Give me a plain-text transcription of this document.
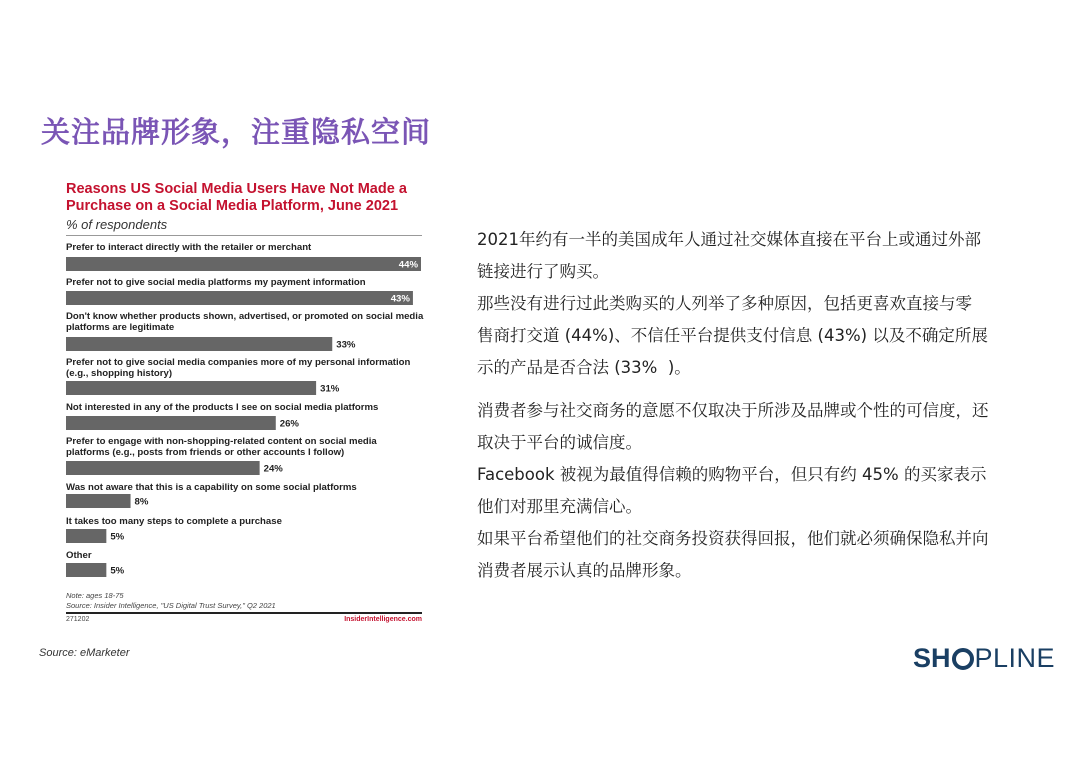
关注品牌形象，注重隐私空间
Reasons US Social Media Users Have Not Made a Purchase on a Social Media Platform, June 2021
% of respondents
Prefer to interact directly with the retailer or merchant
44%
Prefer not to give social media platforms my payment information
43%
Don't know whether products shown, advertised, or promoted on social media platforms are legitimate
33%
Prefer not to give social media companies more of my personal information (e.g., shopping history)
31%
Not interested in any of the products I see on social media platforms
26%
Prefer to engage with non-shopping-related content on social media platforms (e.g., posts from friends or other accounts I follow)
24%
Was not aware that this is a capability on some social platforms
8%
It takes too many steps to complete a purchase
5%
Other
5%
Note: ages 18-75
Source: Insider Intelligence, "US Digital Trust Survey," Q2 2021
271202	InsiderIntelligence.com
Source: eMarketer

2021年约有一半的美国成年人通过社交媒体直接在平台上或通过外部

链接进行了购买。

那些没有进行过此类购买的人列举了多种原因，包括更喜欢直接与零

售商打交道 (44%)、不信任平台提供支付信息 (43%) 以及不确定所展

示的产品是否合法 (33%  )。

消费者参与社交商务的意愿不仅取决于所涉及品牌或个性的可信度，还

取决于平台的诚信度。

Facebook 被视为最值得信赖的购物平台，但只有约 45% 的买家表示

他们对那里充满信心。

如果平台希望他们的社交商务投资获得回报，他们就必须确保隐私并向

消费者展示认真的品牌形象。

SH P LINE
